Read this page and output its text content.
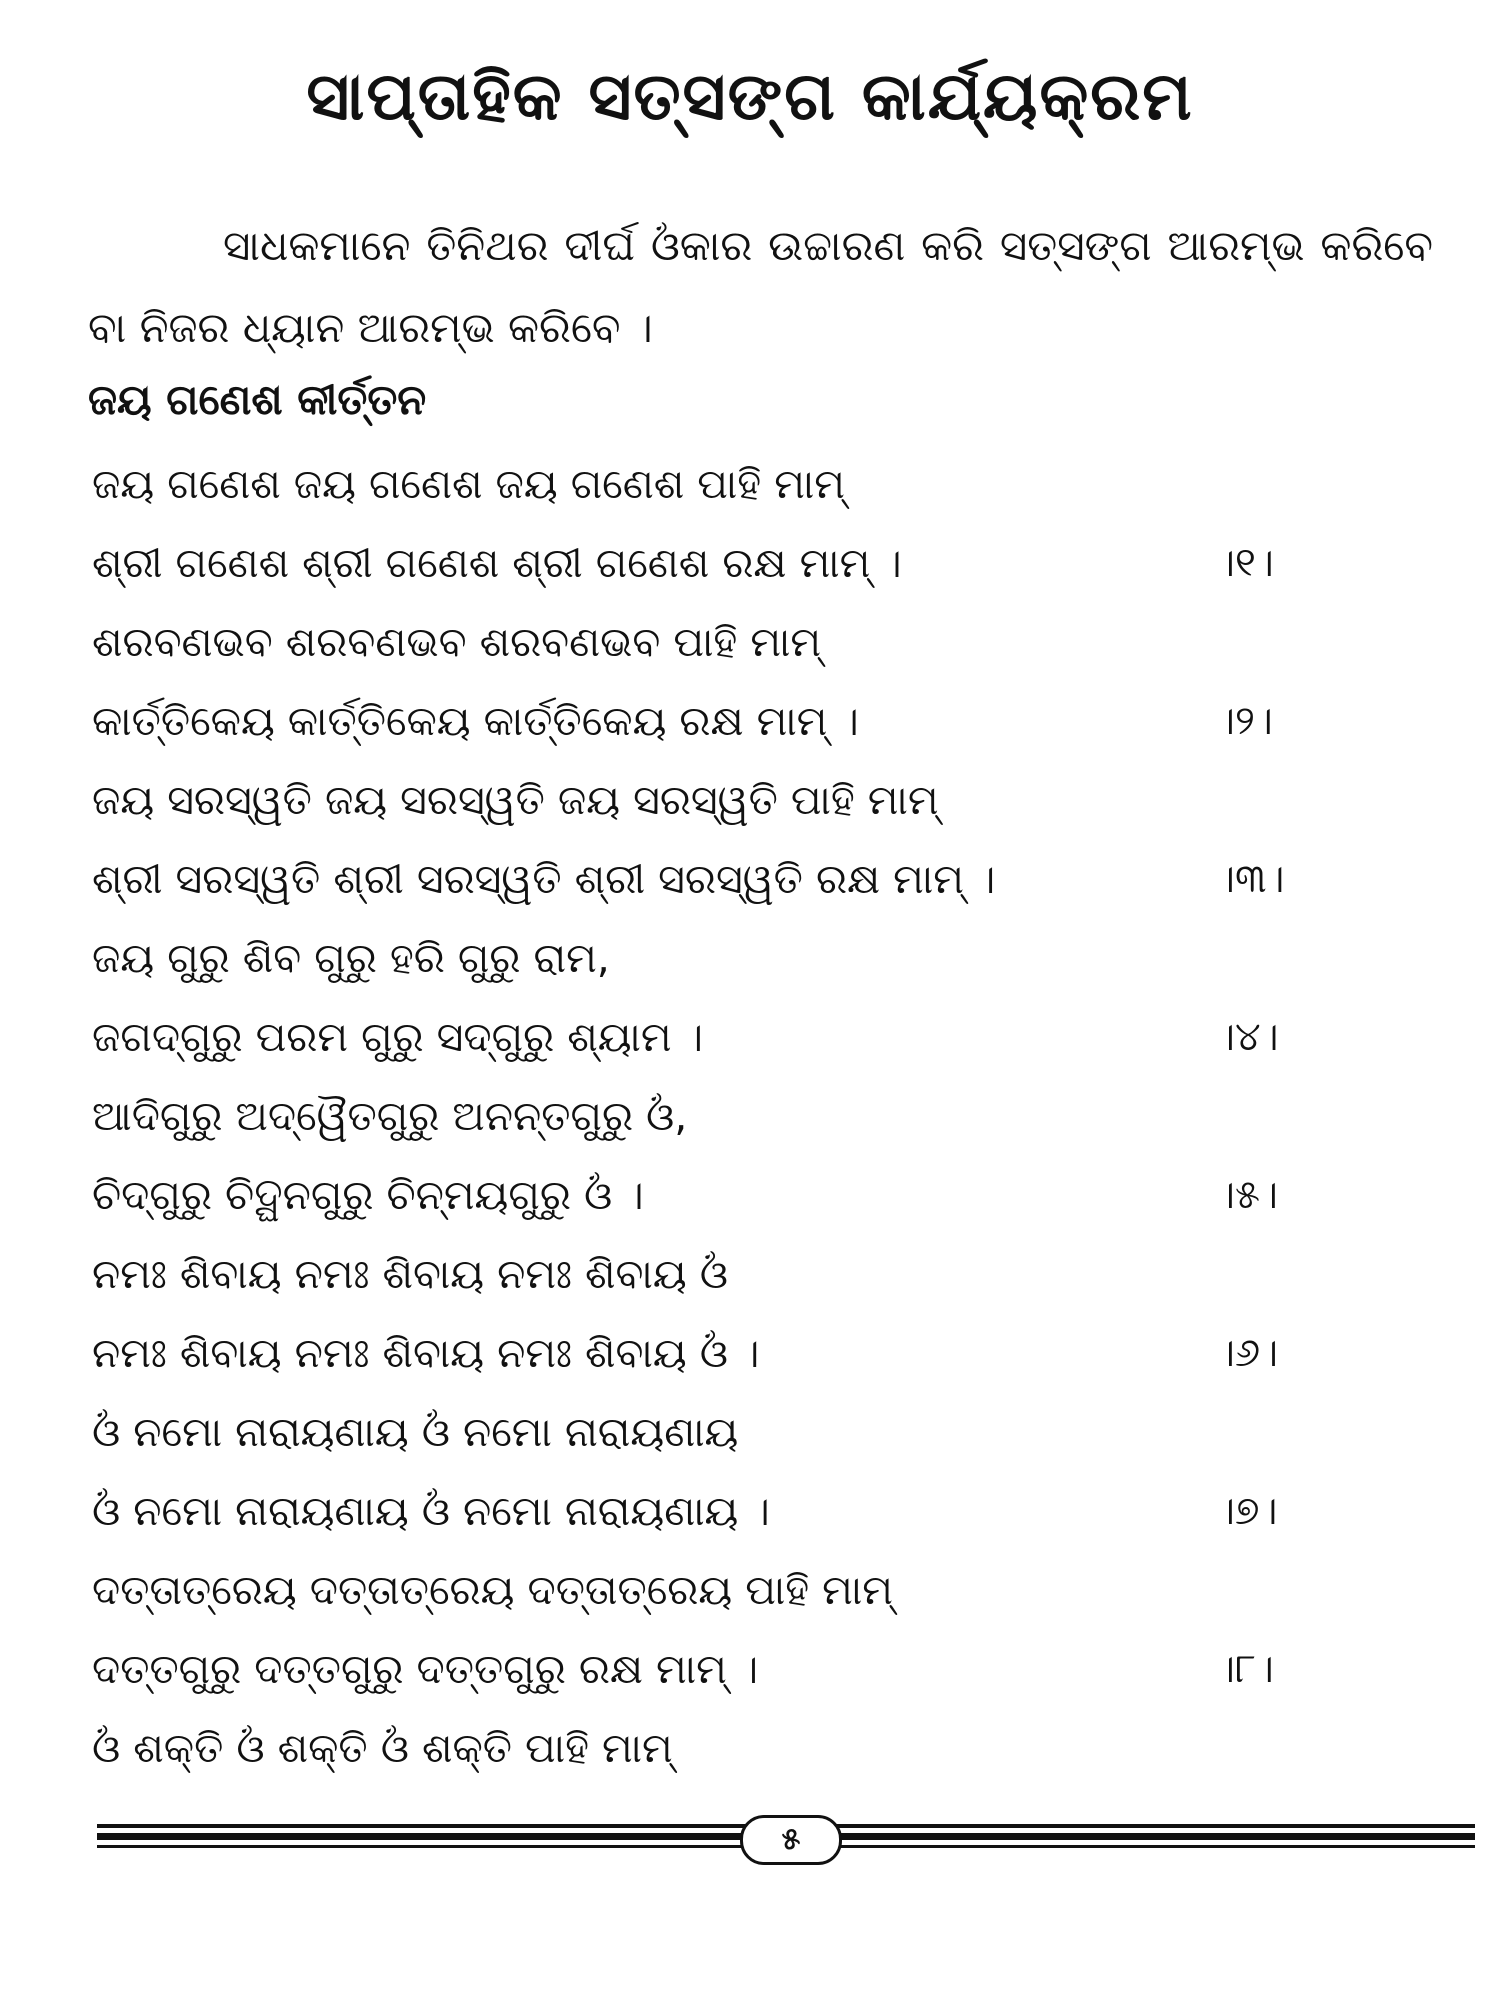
ସାପ୍ତାହିକ ସତ୍ସଙ୍ଗ କାର୍ଯ୍ୟକ୍ରମ
ସାଧକମାନେ ତିନିଥର ଦୀର୍ଘ ଓଁକାର ଉଚ୍ଚାରଣ କରି ସତ୍ସଙ୍ଗ ଆରମ୍ଭ କରିବେ ବା ନିଜର ଧ୍ୟାନ ଆରମ୍ଭ କରିବେ ।
ଜୟ ଗଣେଶ କୀର୍ତ୍ତନ
ଜୟ ଗଣେଶ ଜୟ ଗଣେଶ ଜୟ ଗଣେଶ ପାହି ମାମ୍
ଶ୍ରୀ ଗଣେଶ ଶ୍ରୀ ଗଣେଶ ଶ୍ରୀ ଗଣେଶ ରକ୍ଷ ମାମ୍ ।	।୧।
ଶରବଣଭବ ଶରବଣଭବ ଶରବଣଭବ ପାହି ମାମ୍
କାର୍ତ୍ତିକେୟ କାର୍ତ୍ତିକେୟ କାର୍ତ୍ତିକେୟ ରକ୍ଷ ମାମ୍ ।	।୨।
ଜୟ ସରସ୍ୱତି ଜୟ ସରସ୍ୱତି ଜୟ ସରସ୍ୱତି ପାହି ମାମ୍
ଶ୍ରୀ ସରସ୍ୱତି ଶ୍ରୀ ସରସ୍ୱତି ଶ୍ରୀ ସରସ୍ୱତି ରକ୍ଷ ମାମ୍ ।	।୩।
ଜୟ ଗୁରୁ ଶିବ ଗୁରୁ ହରି ଗୁରୁ ରାମ,
ଜଗଦ୍ଗୁରୁ ପରମ ଗୁରୁ ସଦ୍ଗୁରୁ ଶ୍ୟାମ ।	।୪।
ଆଦିଗୁରୁ ଅଦ୍ୱୈତଗୁରୁ ଅନନ୍ତଗୁରୁ ଓଁ,
ଚିଦ୍ଗୁରୁ ଚିଦ୍ଘନଗୁରୁ ଚିନ୍ମୟଗୁରୁ ଓଁ ।	।୫।
ନମଃ ଶିବାୟ ନମଃ ଶିବାୟ ନମଃ ଶିବାୟ ଓଁ
ନମଃ ଶିବାୟ ନମଃ ଶିବାୟ ନମଃ ଶିବାୟ ଓଁ ।	।୬।
ଓଁ ନମୋ ନାରାୟଣାୟ ଓଁ ନମୋ ନାରାୟଣାୟ
ଓଁ ନମୋ ନାରାୟଣାୟ ଓଁ ନମୋ ନାରାୟଣାୟ ।	।୭।
ଦତ୍ତାତ୍ରେୟ ଦତ୍ତାତ୍ରେୟ ଦତ୍ତାତ୍ରେୟ ପାହି ମାମ୍
ଦତ୍ତଗୁରୁ ଦତ୍ତଗୁରୁ ଦତ୍ତଗୁରୁ ରକ୍ଷ ମାମ୍ ।	।୮।
ଓଁ ଶକ୍ତି ଓଁ ଶକ୍ତି ଓଁ ଶକ୍ତି ପାହି ମାମ୍
୫
